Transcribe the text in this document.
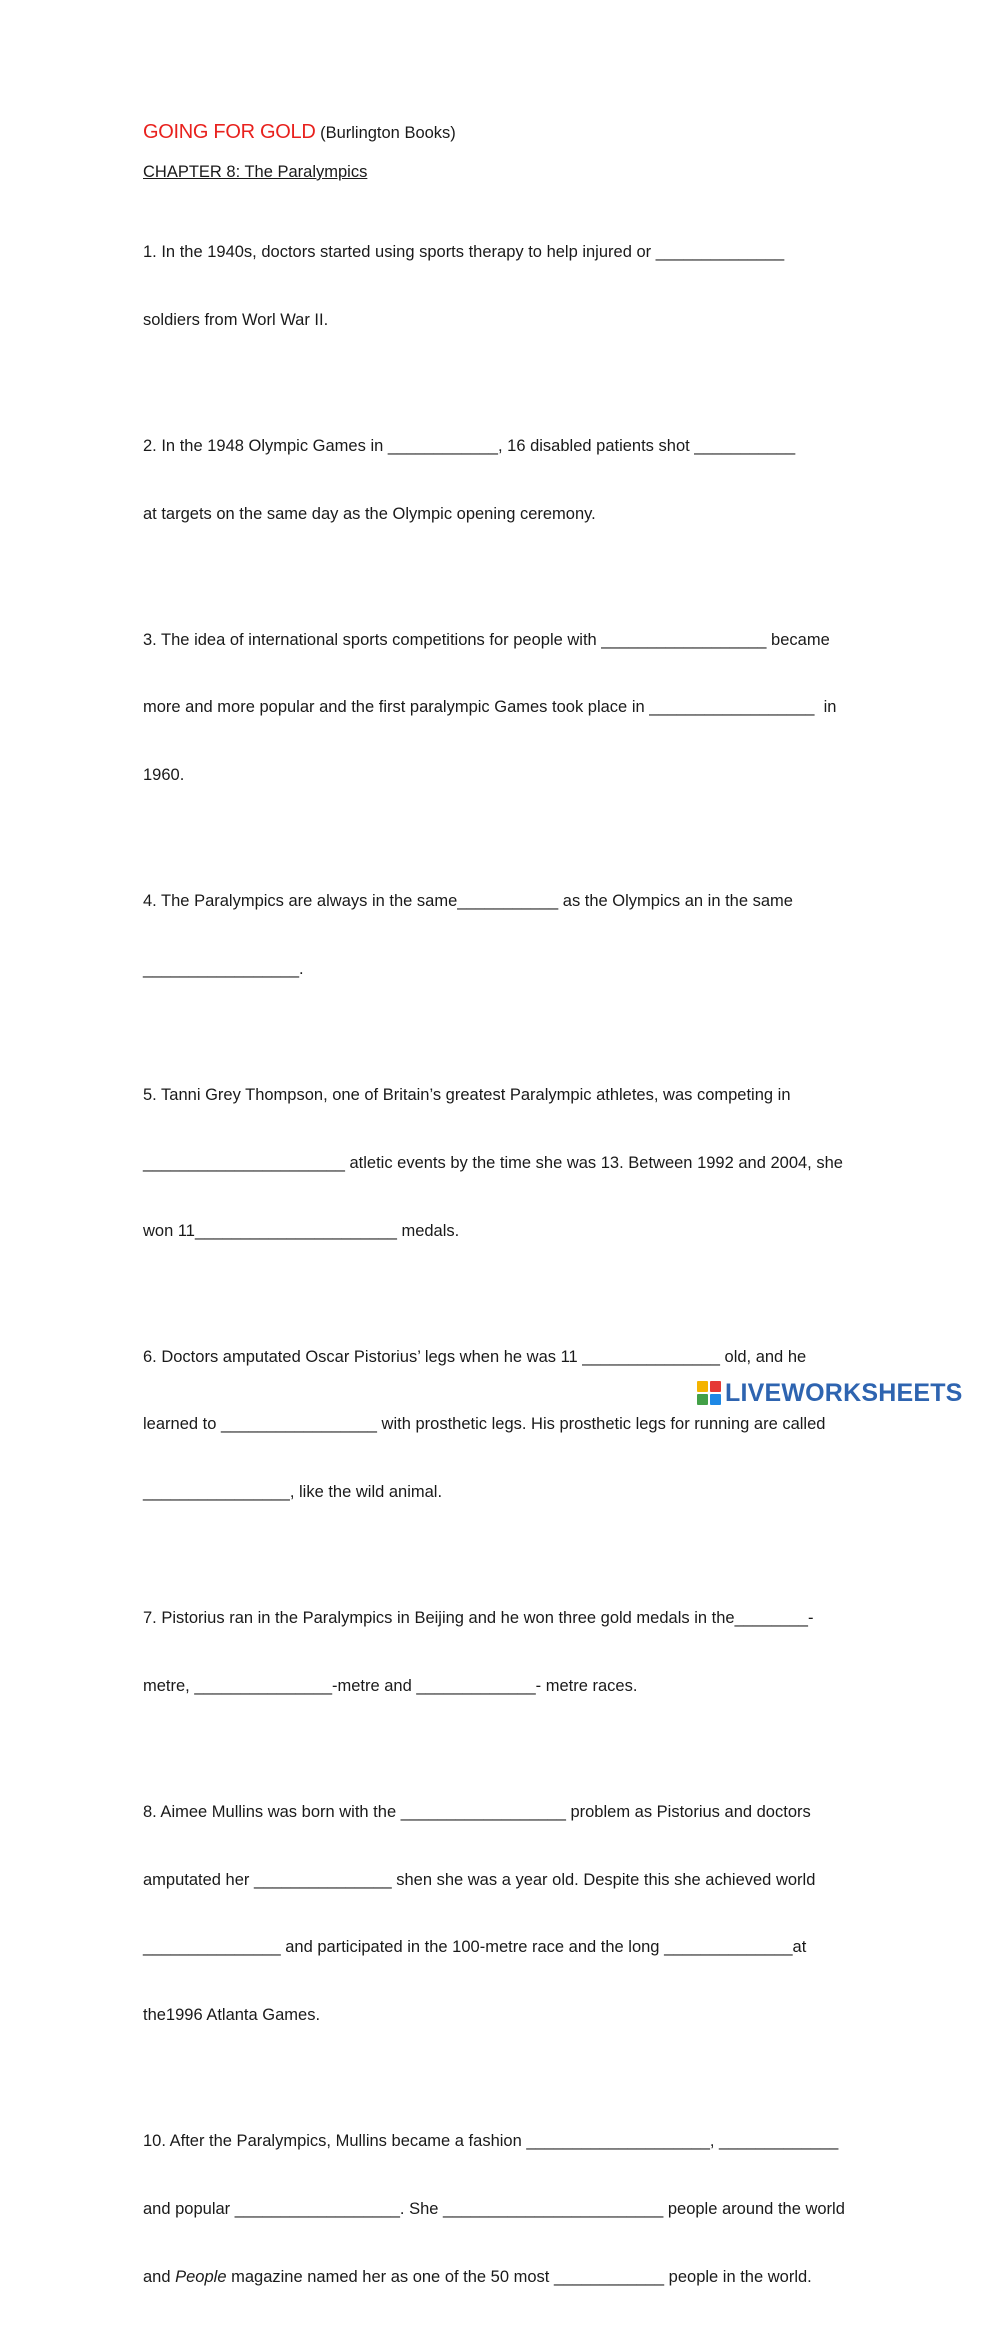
GOING FOR GOLD (Burlington Books)

CHAPTER 8: The Paralympics

1. In the 1940s, doctors started using sports therapy to help injured or ______________

soldiers from Worl War II.

2. In the 1948 Olympic Games in ____________, 16 disabled patients shot ___________

at targets on the same day as the Olympic opening ceremony.

3. The idea of international sports competitions for people with __________________ became

more and more popular and the first paralympic Games took place in __________________  in

1960.

4. The Paralympics are always in the same___________ as the Olympics an in the same

_________________.

5. Tanni Grey Thompson, one of Britain’s greatest Paralympic athletes, was competing in

______________________ atletic events by the time she was 13. Between 1992 and 2004, she

won 11______________________ medals.

6. Doctors amputated Oscar Pistorius’ legs when he was 11 _______________ old, and he

learned to _________________ with prosthetic legs. His prosthetic legs for running are called

________________, like the wild animal.

7. Pistorius ran in the Paralympics in Beijing and he won three gold medals in the________-

metre, _______________-metre and _____________- metre races.

8. Aimee Mullins was born with the __________________ problem as Pistorius and doctors

amputated her _______________ shen she was a year old. Despite this she achieved world

_______________ and participated in the 100-metre race and the long ______________at

the1996 Atlanta Games.

10. After the Paralympics, Mullins became a fashion ____________________, _____________

and popular __________________. She ________________________ people around the world

and People magazine named her as one of the 50 most ____________ people in the world.

LIVEWORKSHEETS
